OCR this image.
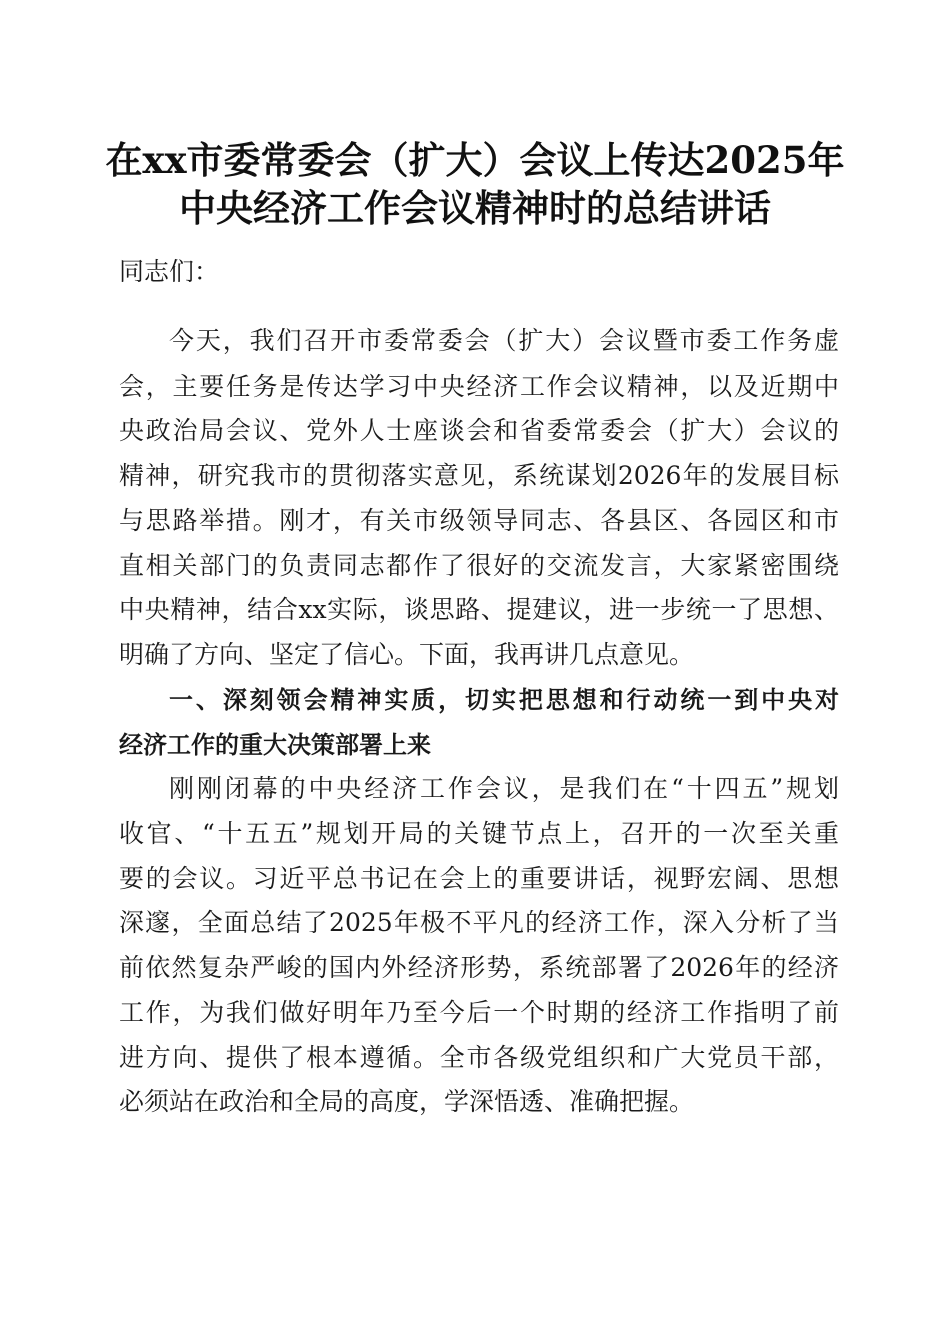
在xx市委常委会（扩大）会议上传达2025年
中央经济工作会议精神时的总结讲话
同志们：
今天，我们召开市委常委会（扩大）会议暨市委工作务虚
会，主要任务是传达学习中央经济工作会议精神，以及近期中
央政治局会议、党外人士座谈会和省委常委会（扩大）会议的
精神，研究我市的贯彻落实意见，系统谋划2026年的发展目标
与思路举措。刚才，有关市级领导同志、各县区、各园区和市
直相关部门的负责同志都作了很好的交流发言，大家紧密围绕
中央精神，结合xx实际，谈思路、提建议，进一步统一了思想、
明确了方向、坚定了信心。下面，我再讲几点意见。
一、深刻领会精神实质，切实把思想和行动统一到中央对
经济工作的重大决策部署上来
刚刚闭幕的中央经济工作会议，是我们在“十四五”规划
收官、“十五五”规划开局的关键节点上，召开的一次至关重
要的会议。习近平总书记在会上的重要讲话，视野宏阔、思想
深邃，全面总结了2025年极不平凡的经济工作，深入分析了当
前依然复杂严峻的国内外经济形势，系统部署了2026年的经济
工作，为我们做好明年乃至今后一个时期的经济工作指明了前
进方向、提供了根本遵循。全市各级党组织和广大党员干部，
必须站在政治和全局的高度，学深悟透、准确把握。
